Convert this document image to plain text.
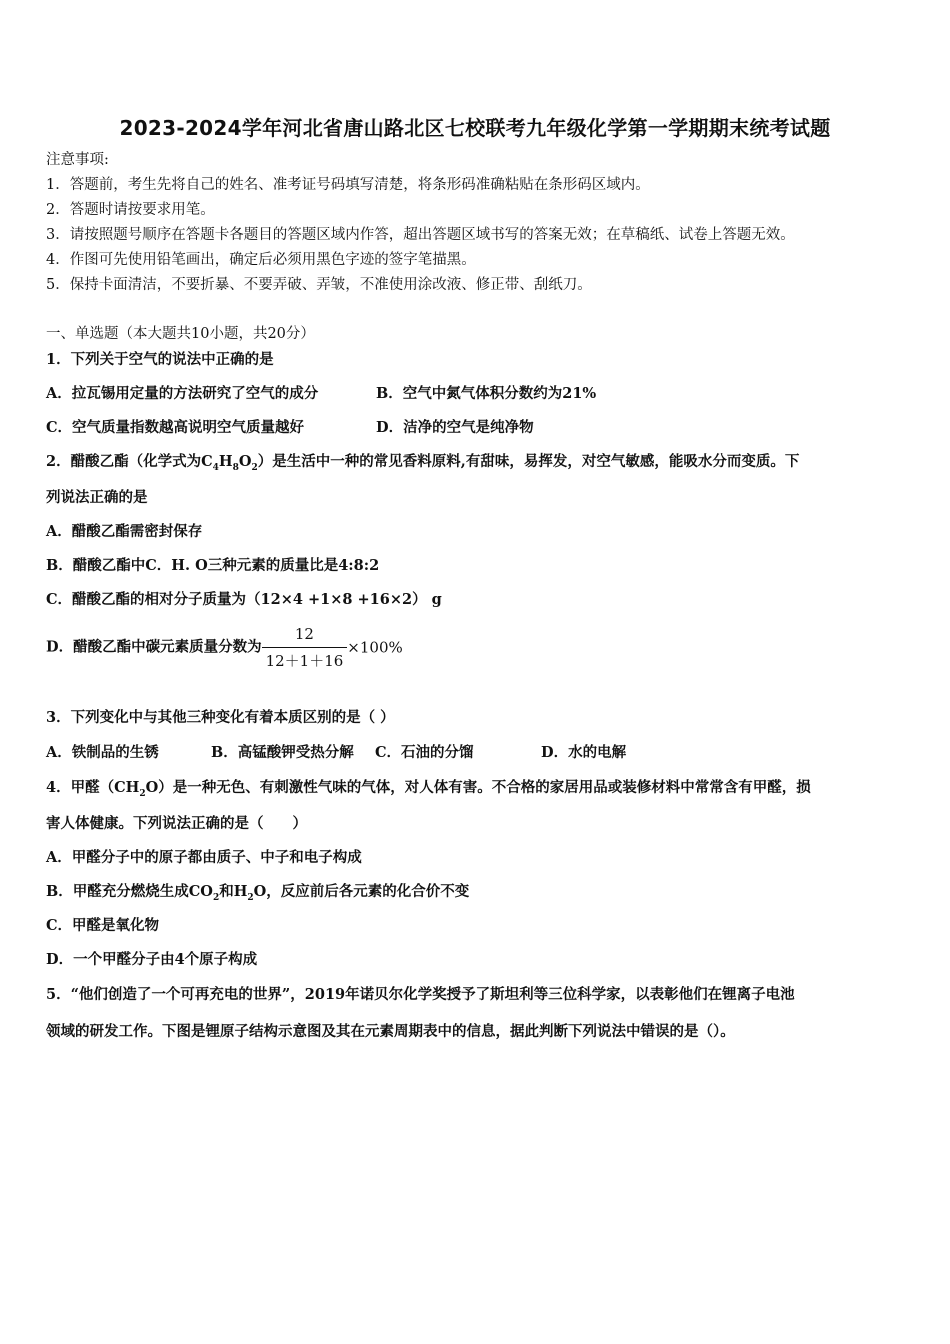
2023-2024学年河北省唐山路北区七校联考九年级化学第一学期期末统考试题
注意事项:
1．答题前，考生先将自己的姓名、准考证号码填写清楚，将条形码准确粘贴在条形码区域内。
2．答题时请按要求用笔。
3．请按照题号顺序在答题卡各题目的答题区域内作答，超出答题区域书写的答案无效；在草稿纸、试卷上答题无效。
4．作图可先使用铅笔画出，确定后必须用黑色字迹的签字笔描黑。
5．保持卡面清洁，不要折暴、不要弄破、弄皱，不准使用涂改液、修正带、刮纸刀。
一、单选题（本大题共10小题，共20分）
1．下列关于空气的说法中正确的是
A．拉瓦锡用定量的方法研究了空气的成分	B．空气中氮气体积分数约为21%
C．空气质量指数越高说明空气质量越好	D．洁净的空气是纯净物
2．醋酸乙酯（化学式为$C_4H_8O_2$）是生活中一种的常见香料原料,有甜味，易挥发，对空气敏感，能吸水分而变质。下
列说法正确的是
A．醋酸乙酯需密封保存
B．醋酸乙酯中C．H. O三种元素的质量比是4:8:2
C．醋酸乙酯的相对分子质量为（12×4 +1×8 +16×2） g
D．醋酸乙酯中碳元素质量分数为 $\frac{12}{12+1+16} \times 100\%$
3．下列变化中与其他三种变化有着本质区别的是（ ）
A．铁制品的生锈	B．高锰酸钾受热分解 C．石油的分馏	D．水的电解
4．甲醛$(CH_2O)$是一种无色、有刺激性气味的气体，对人体有害。不合格的家居用品或装修材料中常常含有甲醛，损
害人体健康。下列说法正确的是（　　）
A．甲醛分子中的原子都由质子、中子和电子构成
B．甲醛充分燃烧生成$CO_2$和$H_2O$，反应前后各元素的化合价不变
C．甲醛是氧化物
D．一个甲醛分子由4个原子构成
5．“他们创造了一个可再充电的世界”，2019年诺贝尔化学奖授予了斯坦利等三位科学家，以表彰他们在锂离子电池
领域的研发工作。下图是锂原子结构示意图及其在元素周期表中的信息，据此判断下列说法中错误的是（）。
